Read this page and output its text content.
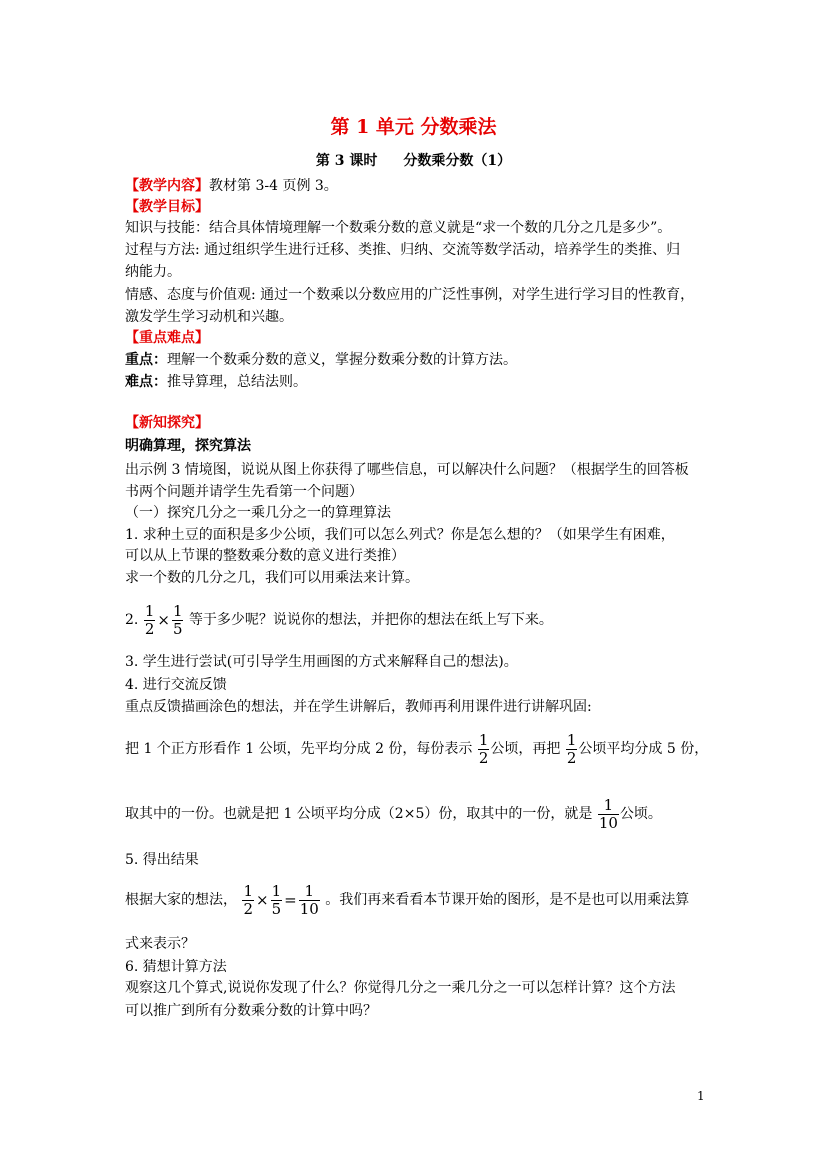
第 1 单元 分数乘法
第 3 课时 分数乘分数（1）
【教学内容】教材第 3-4 页例 3。
【教学目标】
知识与技能：结合具体情境理解一个数乘分数的意义就是“求一个数的几分之几是多少”。
过程与方法: 通过组织学生进行迁移、类推、归纳、交流等数学活动，培养学生的类推、归
纳能力。
情感、态度与价值观: 通过一个数乘以分数应用的广泛性事例，对学生进行学习目的性教育，
激发学生学习动机和兴趣。
【重点难点】
重点：理解一个数乘分数的意义，掌握分数乘分数的计算方法。
难点：推导算理，总结法则。
【新知探究】
明确算理，探究算法
出示例 3 情境图，说说从图上你获得了哪些信息，可以解决什么问题？（根据学生的回答板
书两个问题并请学生先看第一个问题）
（一）探究几分之一乘几分之一的算理算法
1. 求种土豆的面积是多少公顷，我们可以怎么列式？你是怎么想的？（如果学生有困难，
可以从上节课的整数乘分数的意义进行类推）
求一个数的几分之几，我们可以用乘法来计算。
2. $\frac{1}{2} \times \frac{1}{5}$ 等于多少呢？说说你的想法，并把你的想法在纸上写下来。
3. 学生进行尝试(可引导学生用画图的方式来解释自己的想法)。
4. 进行交流反馈
重点反馈描画涂色的想法，并在学生讲解后，教师再利用课件进行讲解巩固:
把 1 个正方形看作 1 公顷，先平均分成 2 份，每份表示 $\frac{1}{2}$ 公顷，再把 $\frac{1}{2}$ 公顷平均分成 5 份，
取其中的一份。也就是把 1 公顷平均分成（2×5）份，取其中的一份，就是 $\frac{1}{10}$ 公顷。
5. 得出结果
根据大家的想法， $\frac{1}{2} \times \frac{1}{5} = \frac{1}{10}$ 。我们再来看看本节课开始的图形，是不是也可以用乘法算
式来表示？
6. 猜想计算方法
观察这几个算式,说说你发现了什么？你觉得几分之一乘几分之一可以怎样计算？这个方法
可以推广到所有分数乘分数的计算中吗？
1
